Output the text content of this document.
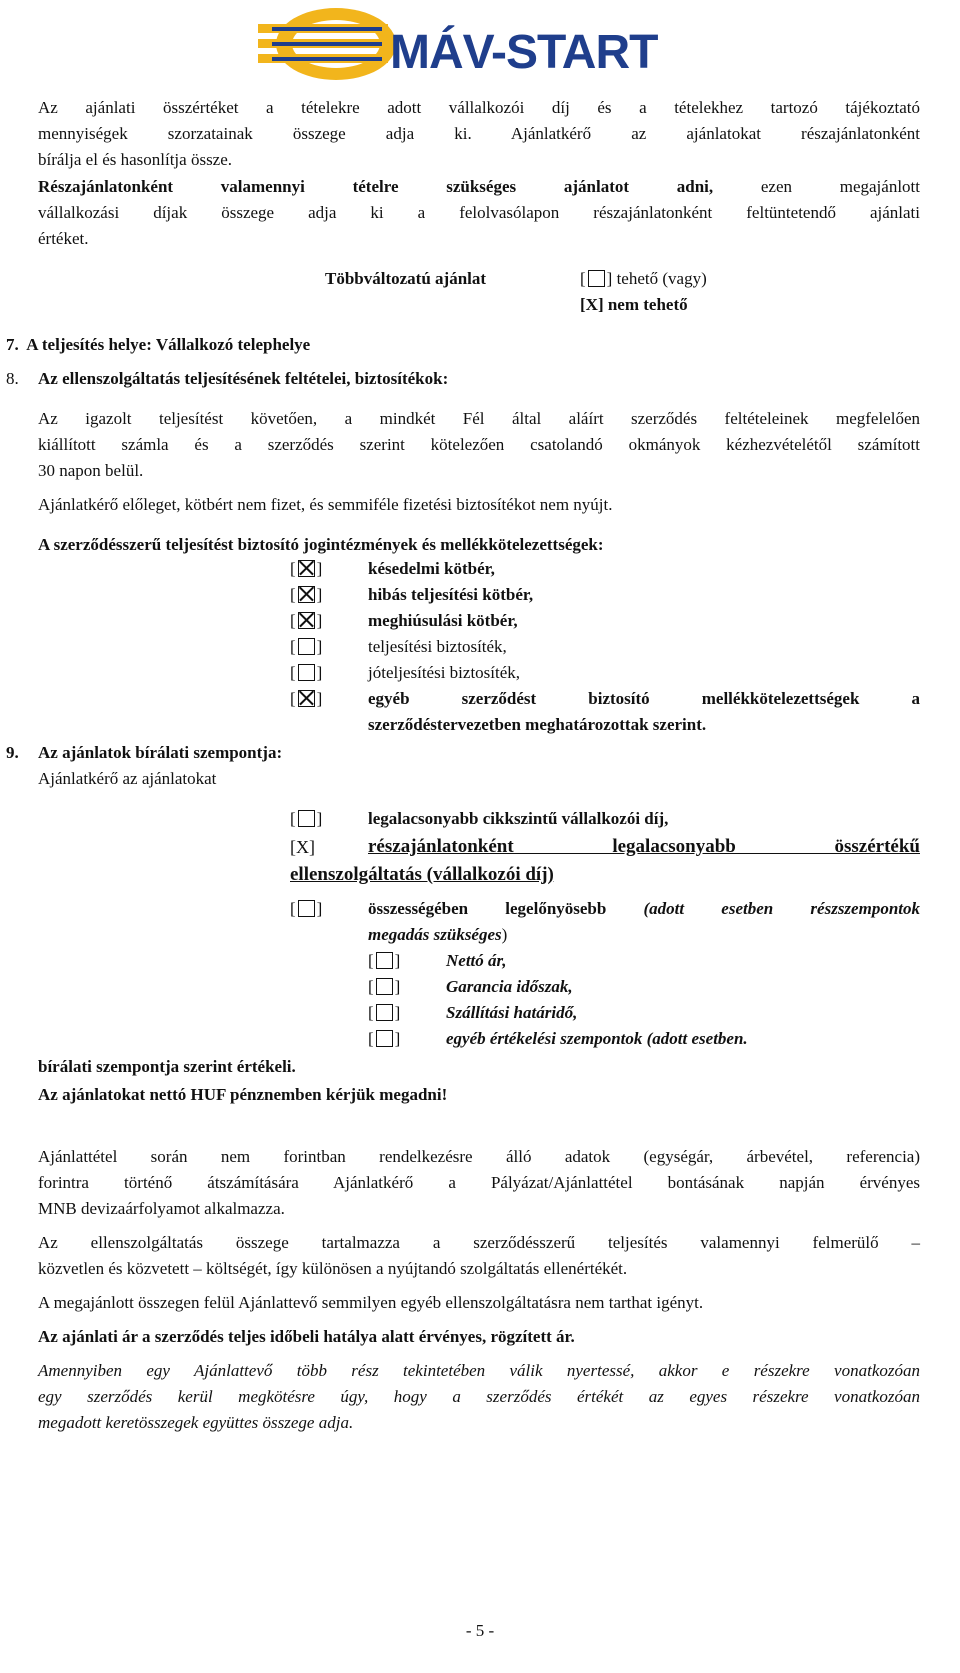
MÁV-START
Az ajánlati összértéket a tételekre adott vállalkozói díj és a tételekhez tartozó tájékoztató
mennyiségek szorzatainak összege adja ki. Ajánlatkérő az ajánlatokat részajánlatonként
bírálja el és hasonlítja össze.
Részajánlatonként valamennyi tételre szükséges ajánlatot adni, ezen megajánlott
vállalkozási díjak összege adja ki a felolvasólapon részajánlatonként feltüntetendő ajánlati
értéket.
Többváltozatú ajánlat	[ ] tehető (vagy)
[X] nem tehető
7.  A teljesítés helye: Vállalkozó telephelye
8. Az ellenszolgáltatás teljesítésének feltételei, biztosítékok:
Az igazolt teljesítést követően, a mindkét Fél által aláírt szerződés feltételeinek megfelelően
kiállított számla és a szerződés szerint kötelezően csatolandó okmányok kézhezvételétől számított
30 napon belül.
Ajánlatkérő előleget, kötbért nem fizet, és semmiféle fizetési biztosítékot nem nyújt.
A szerződésszerű teljesítést biztosító jogintézmények és mellékkötelezettségek:
[ ]	késedelmi kötbér,
[ ]	hibás teljesítési kötbér,
[ ]	meghiúsulási kötbér,
[ ]	teljesítési biztosíték,
[ ]	jóteljesítési biztosíték,
[ ]	egyéb szerződést biztosító mellékkötelezettségek a
szerződéstervezetben meghatározottak szerint.
9. Az ajánlatok bírálati szempontja:
Ajánlatkérő az ajánlatokat
[ ]	legalacsonyabb cikkszintű vállalkozói díj,
[X]	részajánlatonként legalacsonyabb összértékű
ellenszolgáltatás (vállalkozói díj)
[ ]	összességében legelőnyösebb (adott esetben részszempontok
megadás szükséges)
[ ]	Nettó ár,
[ ]	Garancia időszak,
[ ]	Szállítási határidő,
[ ]	egyéb értékelési szempontok (adott esetben.
bírálati szempontja szerint értékeli.
Az ajánlatokat nettó HUF pénznemben kérjük megadni!
Ajánlattétel során nem forintban rendelkezésre álló adatok (egységár, árbevétel, referencia)
forintra történő átszámítására Ajánlatkérő a Pályázat/Ajánlattétel bontásának napján érvényes
MNB devizaárfolyamot alkalmazza.
Az ellenszolgáltatás összege tartalmazza a szerződésszerű teljesítés valamennyi felmerülő –
közvetlen és közvetett – költségét, így különösen a nyújtandó szolgáltatás ellenértékét.
A megajánlott összegen felül Ajánlattevő semmilyen egyéb ellenszolgáltatásra nem tarthat igényt.
Az ajánlati ár a szerződés teljes időbeli hatálya alatt érvényes, rögzített ár.
Amennyiben egy Ajánlattevő több rész tekintetében válik nyertessé, akkor e részekre vonatkozóan
egy szerződés kerül megkötésre úgy, hogy a szerződés értékét az egyes részekre vonatkozóan
megadott keretösszegek együttes összege adja.
- 5 -
